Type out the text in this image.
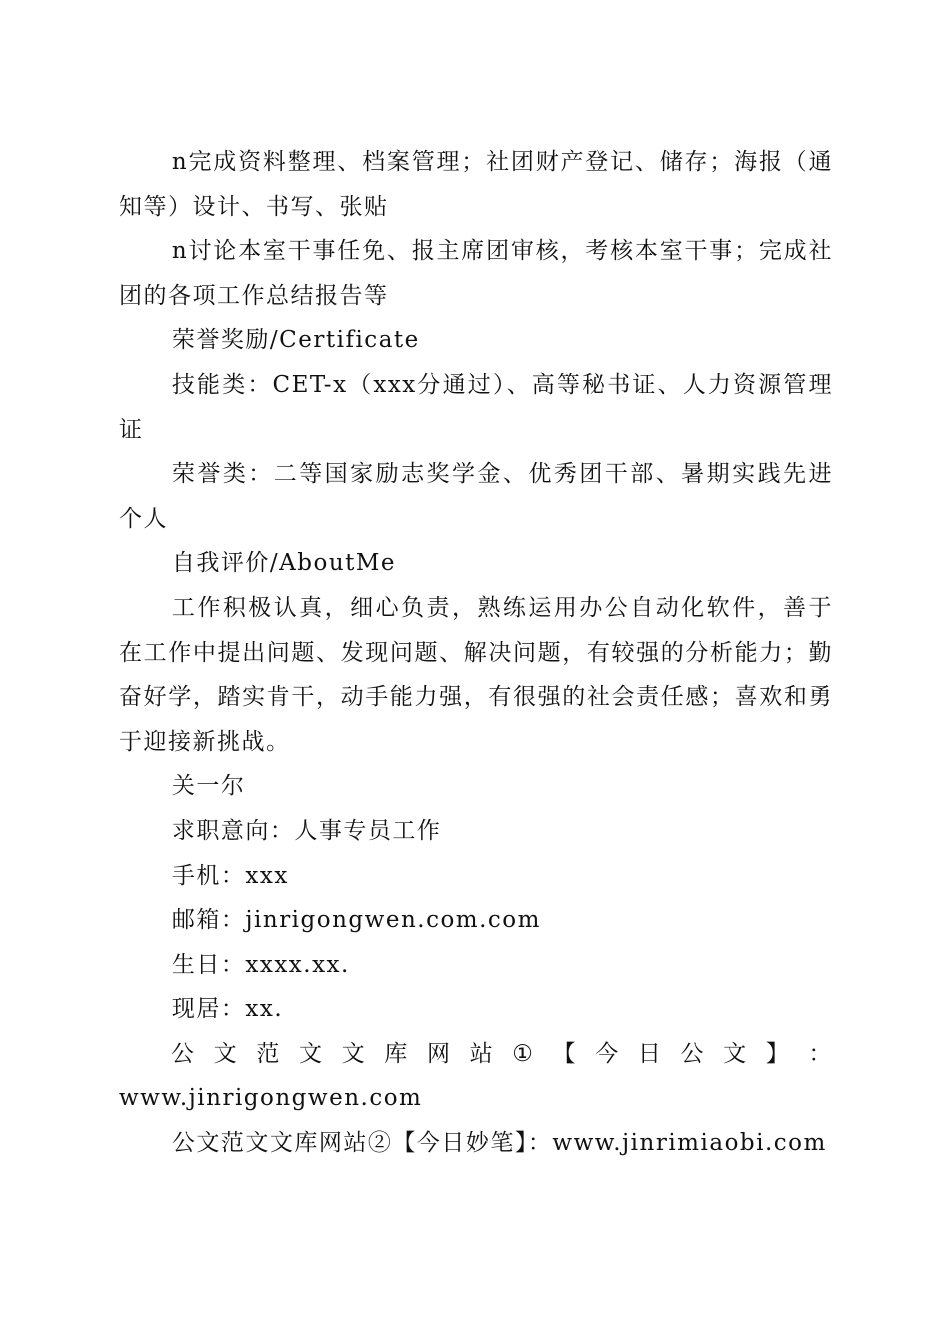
n完成资料整理、档案管理；社团财产登记、储存；海报（通知等）设计、书写、张贴

n讨论本室干事任免、报主席团审核，考核本室干事；完成社团的各项工作总结报告等

荣誉奖励/Certificate

技能类：CET-x（xxx分通过）、高等秘书证、人力资源管理证

荣誉类：二等国家励志奖学金、优秀团干部、暑期实践先进个人

自我评价/AboutMe

工作积极认真，细心负责，熟练运用办公自动化软件，善于在工作中提出问题、发现问题、解决问题，有较强的分析能力；勤奋好学，踏实肯干，动手能力强，有很强的社会责任感；喜欢和勇于迎接新挑战。

关一尔

求职意向：人事专员工作

手机：xxx

邮箱：jinrigongwen.com.com

生日：xxxx.xx.

现居：xx.

公 文 范 文 文 库 网 站 ① 【 今 日 公 文 】 ：

www.jinrigongwen.com

公文范文文库网站②【今日妙笔】：www.jinrimiaobi.com
